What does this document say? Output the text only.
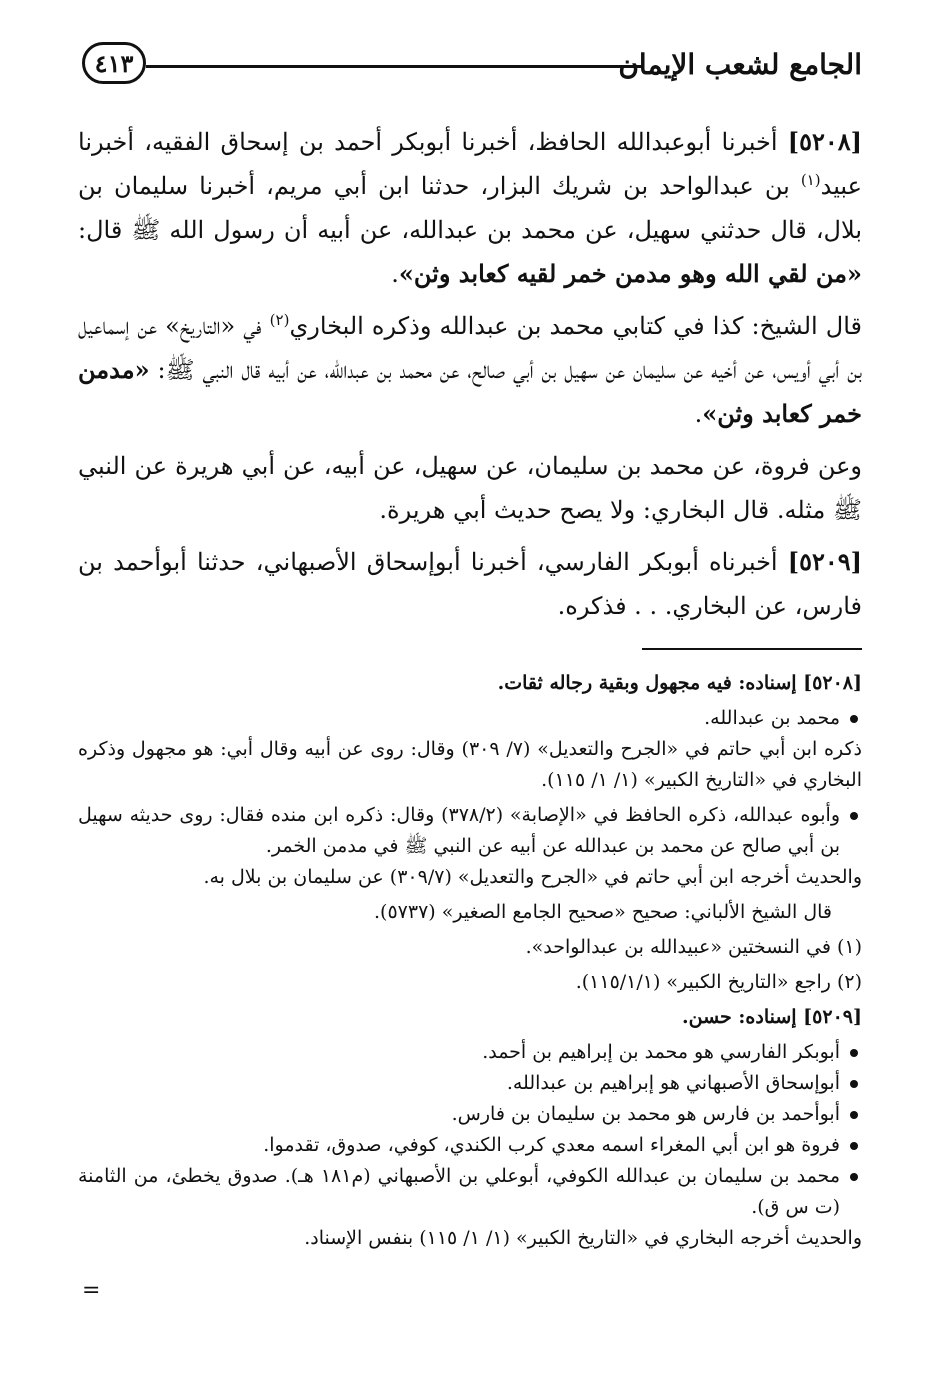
٤١٣	الجامع لشعب الإيمان

[٥٢٠٨] أخبرنا أبوعبدالله الحافظ، أخبرنا أبوبكر أحمد بن إسحاق الفقيه، أخبرنا عبيد$^{(١)}$ بن عبدالواحد بن شريك البزار، حدثنا ابن أبي مريم، أخبرنا سليمان بن بلال، قال حدثني سهيل، عن محمد بن عبدالله، عن أبيه أن رسول الله ﷺ قال: «من لقي الله وهو مدمن خمر لقيه كعابد وثن».

قال الشيخ: كذا في كتابي محمد بن عبدالله وذكره البخاري$^{(٢)}$ في «التاريخ» عن إسماعيل بن أبي أويس، عن أخيه عن سليمان عن سهيل بن أبي صالح، عن محمد بن عبدالله، عن أبيه قال النبي ﷺ: «مدمن خمر كعابد وثن».

وعن فروة، عن محمد بن سليمان، عن سهيل، عن أبيه، عن أبي هريرة عن النبي ﷺ مثله. قال البخاري: ولا يصح حديث أبي هريرة.

[٥٢٠٩] أخبرناه أبوبكر الفارسي، أخبرنا أبوإسحاق الأصبهاني، حدثنا أبوأحمد بن فارس، عن البخاري. . . فذكره.

[٥٢٠٨] إسناده: فيه مجهول وبقية رجاله ثقات.

محمد بن عبدالله.

ذكره ابن أبي حاتم في «الجرح والتعديل» (٧/ ٣٠٩) وقال: روى عن أبيه وقال أبي: هو مجهول وذكره البخاري في «التاريخ الكبير» (١/ ١/ ١١٥).

وأبوه عبدالله، ذكره الحافظ في «الإصابة» (٣٧٨/٢) وقال: ذكره ابن منده فقال: روى حديثه سهيل بن أبي صالح عن محمد بن عبدالله عن أبيه عن النبي ﷺ في مدمن الخمر.

والحديث أخرجه ابن أبي حاتم في «الجرح والتعديل» (٣٠٩/٧) عن سليمان بن بلال به.

قال الشيخ الألباني: صحيح «صحيح الجامع الصغير» (٥٧٣٧).

(١) في النسختين «عبيدالله بن عبدالواحد».

(٢) راجع «التاريخ الكبير» (١١٥/١/١).

[٥٢٠٩] إسناده: حسن.

أبوبكر الفارسي هو محمد بن إبراهيم بن أحمد.
أبوإسحاق الأصبهاني هو إبراهيم بن عبدالله.
أبوأحمد بن فارس هو محمد بن سليمان بن فارس.
فروة هو ابن أبي المغراء اسمه معدي كرب الكندي، كوفي، صدوق، تقدموا.
محمد بن سليمان بن عبدالله الكوفي، أبوعلي بن الأصبهاني (م١٨١ هـ). صدوق يخطئ، من الثامنة (ت س ق).

والحديث أخرجه البخاري في «التاريخ الكبير» (١/ ١/ ١١٥) بنفس الإسناد.

=
